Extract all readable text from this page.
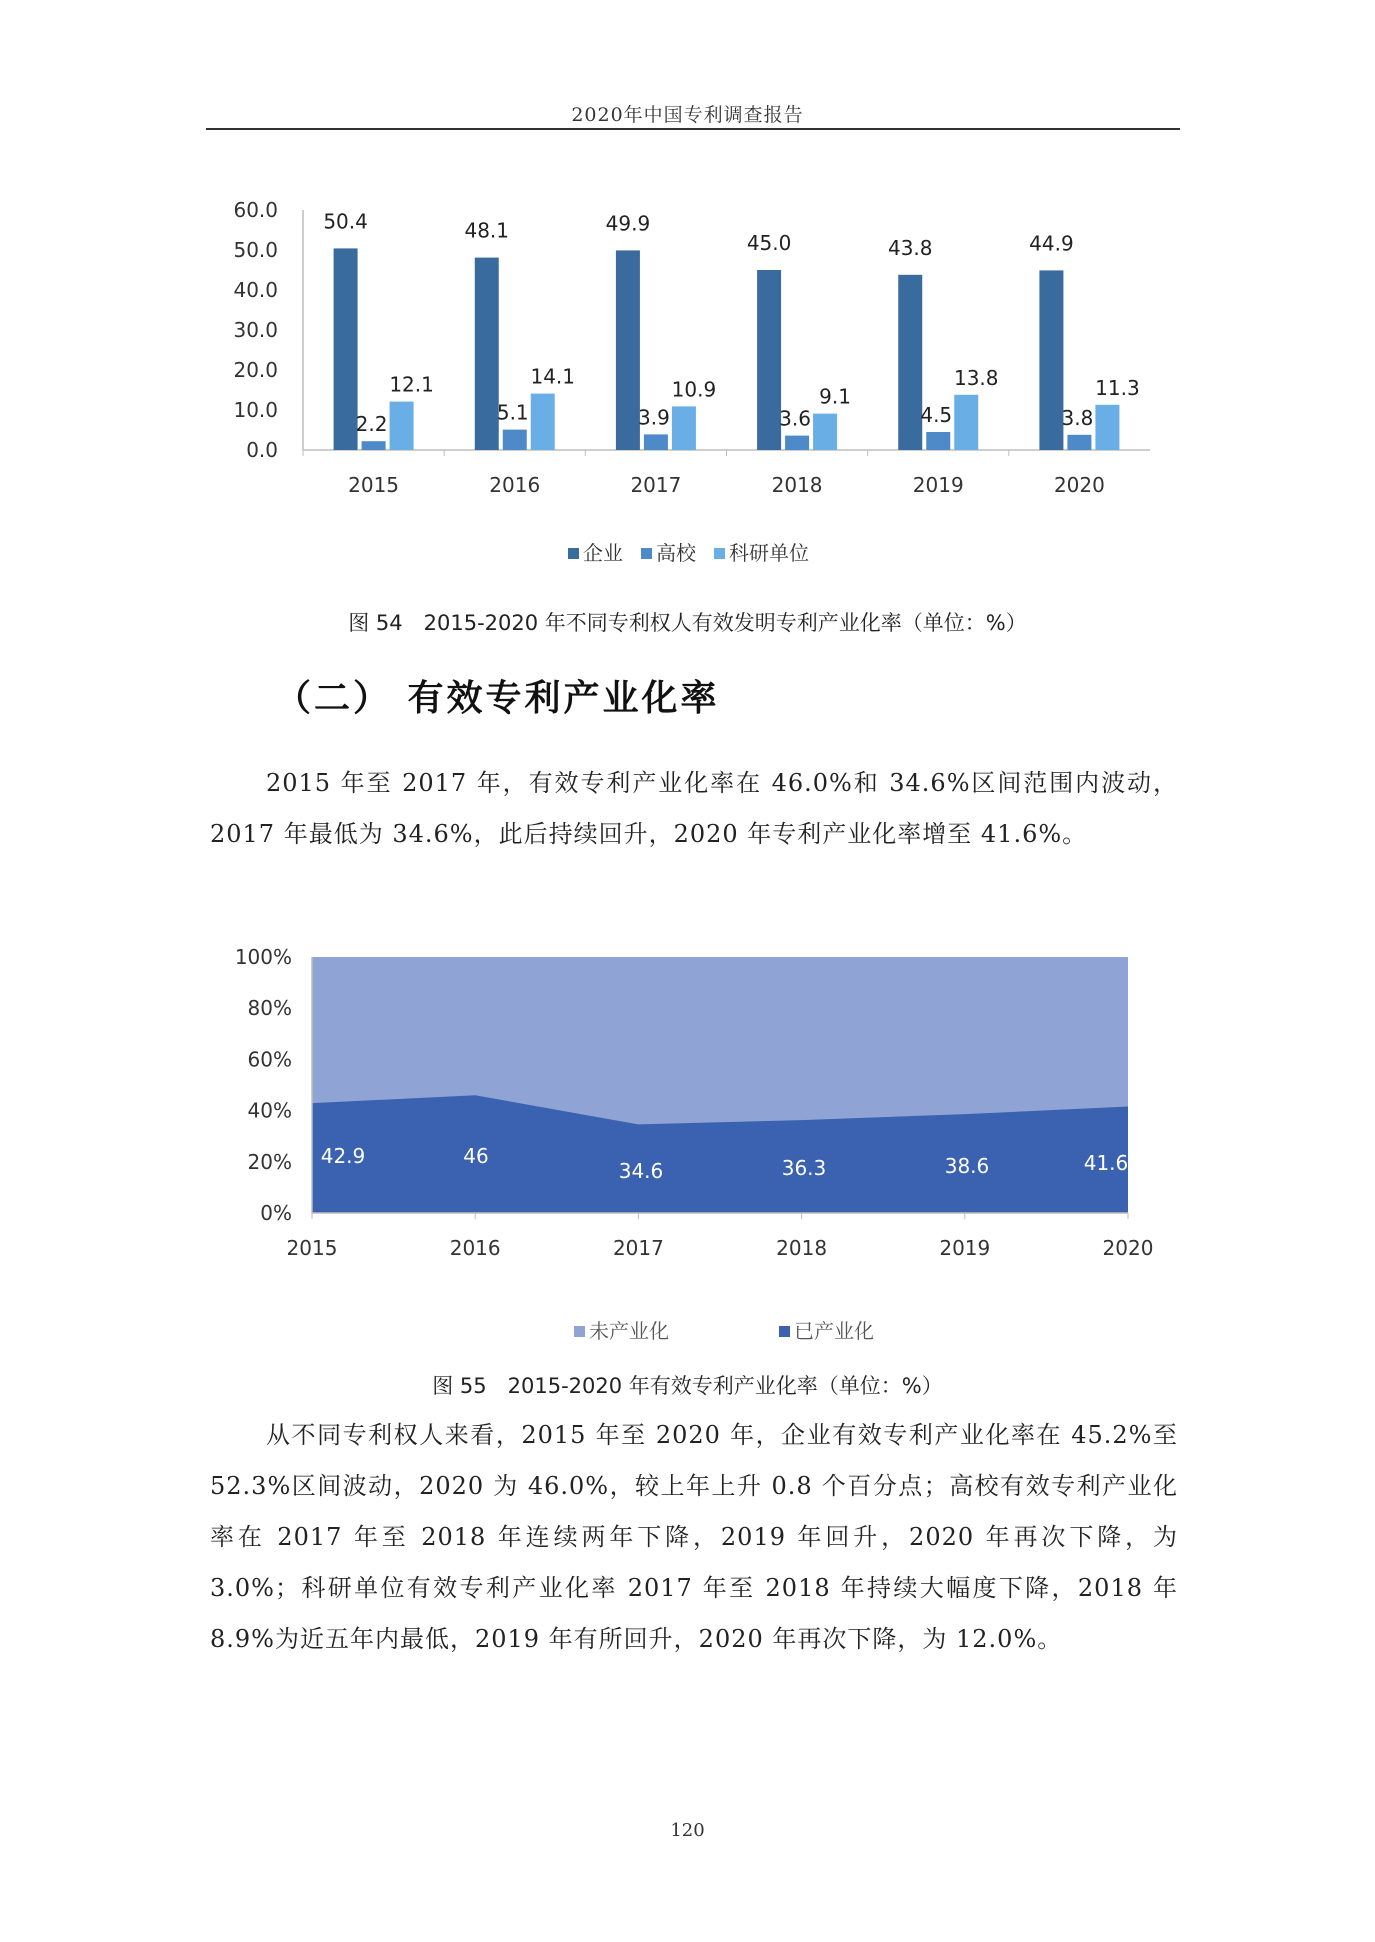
2020年中国专利调查报告
0.0
10.0
20.0
30.0
40.0
50.0
60.0
2015
50.4
2.2
12.1
2016
48.1
5.1
14.1
2017
49.9
3.9
10.9
2018
45.0
3.6
9.1
2019
43.8
4.5
13.8
2020
44.9
3.8
11.3
企业 高校 科研单位
图 54　2015-2020 年不同专利权人有效发明专利产业化率（单位：%）
（二） 有效专利产业化率

2015 年至 2017 年，有效专利产业化率在 46.0%和 34.6%区间范围内波动，2017 年最低为 34.6%，此后持续回升，2020 年专利产业化率增至 41.6%。

0%
20%
40%
60%
80%
100%
2015	2016	2017	2018	2019	2020
42.9	46
34.6	36.3	38.6	41.6
未产业化	已产业化
图 55　2015-2020 年有效专利产业化率（单位：%）

从不同专利权人来看，2015 年至 2020 年，企业有效专利产业化率在 45.2%至 52.3%区间波动，2020 为 46.0%，较上年上升 0.8 个百分点；高校有效专利产业化率在 2017 年至 2018 年连续两年下降，2019 年回升，2020 年再次下降，为 3.0%；科研单位有效专利产业化率 2017 年至 2018 年持续大幅度下降，2018 年 8.9%为近五年内最低，2019 年有所回升，2020 年再次下降，为 12.0%。

120
